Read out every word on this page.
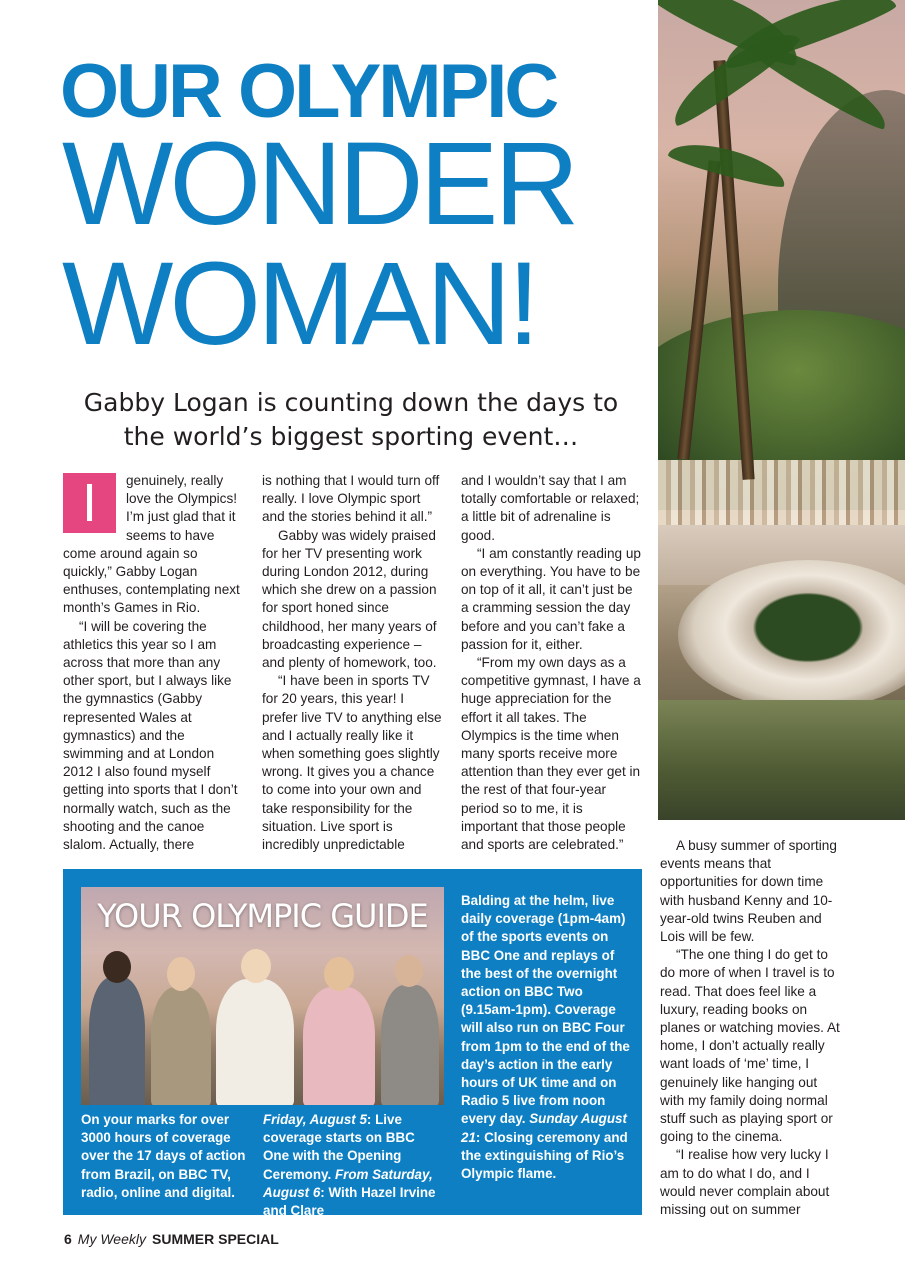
OUR OLYMPIC
WONDER
WOMAN!
Gabby Logan is counting down the days to the world’s biggest sporting event…
I	genuinely, really love the Olympics! I’m just glad that it seems to have come around again so quickly,” Gabby Logan enthuses, contemplating next month’s Games in Rio.

“I will be covering the athletics this year so I am across that more than any other sport, but I always like the gymnastics (Gabby represented Wales at gymnastics) and the swimming and at London 2012 I also found myself getting into sports that I don’t normally watch, such as the shooting and the canoe slalom. Actually, there

is nothing that I would turn off really. I love Olympic sport and the stories behind it all.”

Gabby was widely praised for her TV presenting work during London 2012, during which she drew on a passion for sport honed since childhood, her many years of broadcasting experience – and plenty of homework, too.

“I have been in sports TV for 20 years, this year! I prefer live TV to anything else and I actually really like it when something goes slightly wrong. It gives you a chance to come into your own and take responsibility for the situation. Live sport is incredibly unpredictable

and I wouldn’t say that I am totally comfortable or relaxed; a little bit of adrenaline is good.

“I am constantly reading up on everything. You have to be on top of it all, it can’t just be a cramming session the day before and you can’t fake a passion for it, either.

“From my own days as a competitive gymnast, I have a huge appreciation for the effort it all takes. The Olympics is the time when many sports receive more attention than they ever get in the rest of that four-year period so to me, it is important that those people and sports are celebrated.”	A busy summer of sporting events means that opportunities for down time with husband Kenny and 10-year-old twins Reuben and Lois will be few.

“The one thing I do get to do more of when I travel is to read. That does feel like a luxury, reading books on planes or watching movies. At home, I don’t actually really want loads of ‘me’ time, I genuinely like hanging out with my family doing normal stuff such as playing sport or going to the cinema.

“I realise how very lucky I am to do what I do, and I would never complain about missing out on summer

YOUR OLYMPIC GUIDE
On your marks for over 3000 hours of coverage over the 17 days of action from Brazil, on BBC TV, radio, online and digital.
Friday, August 5: Live coverage starts on BBC One with the Opening Ceremony. From Saturday, August 6: With Hazel Irvine and Clare
Balding at the helm, live daily coverage (1pm-4am) of the sports events on BBC One and replays of the best of the overnight action on BBC Two (9.15am-1pm). Coverage will also run on BBC Four from 1pm to the end of the day’s action in the early hours of UK time and on Radio 5 live from noon every day. Sunday August 21: Closing ceremony and the extinguishing of Rio’s Olympic flame.
6 My Weekly SUMMER SPECIAL
